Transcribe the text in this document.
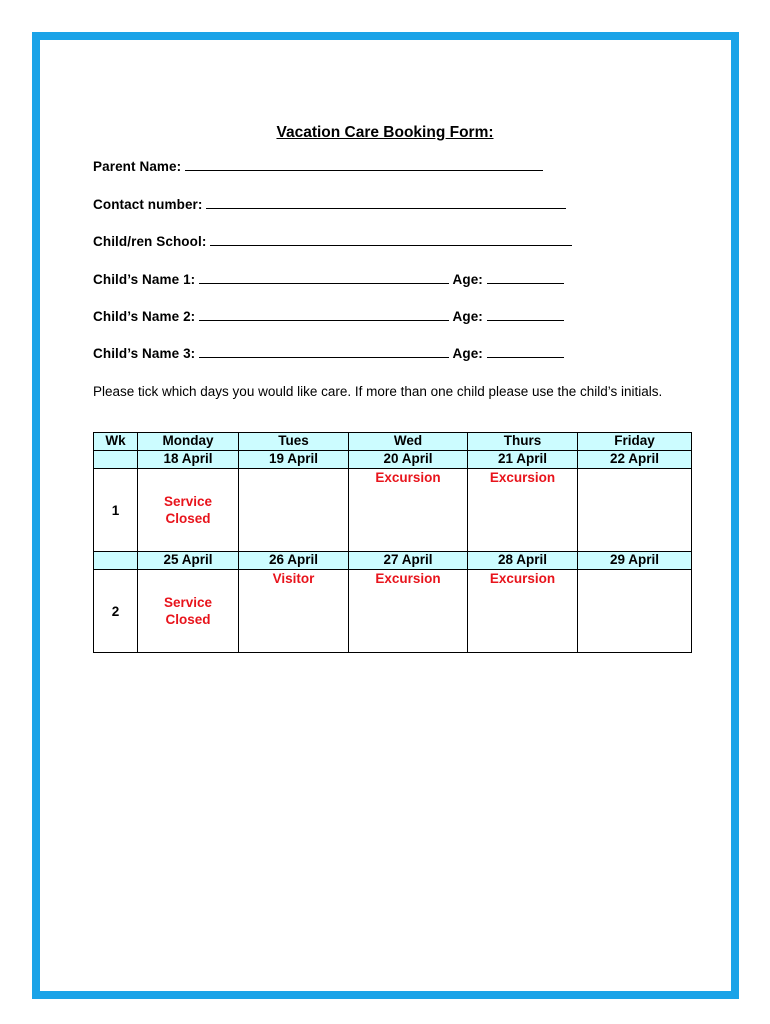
Vacation Care Booking Form:
Parent Name:
Contact number:
Child/ren School:
Child’s Name 1:	Age:
Child’s Name 2:	Age:
Child’s Name 3:	Age:
Please tick which days you would like care. If more than one child please use the child’s initials.
Wk	Monday	Tues	Wed	Thurs	Friday
	18 April	19 April	20 April	21 April	22 April
1	Service Closed		Excursion	Excursion	
	25 April	26 April	27 April	28 April	29 April
2	Service Closed	Visitor	Excursion	Excursion	
